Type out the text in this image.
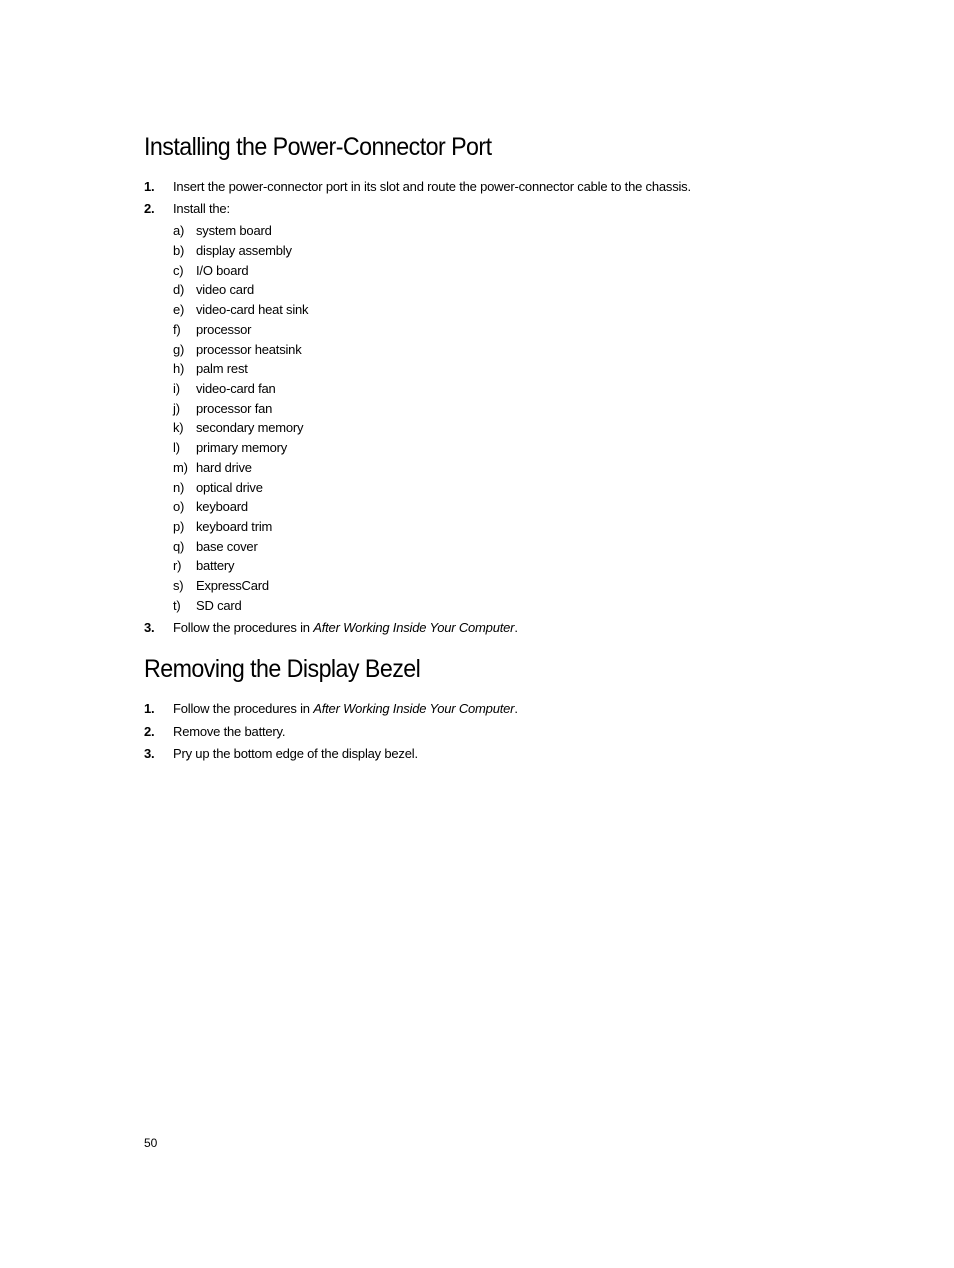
Installing the Power-Connector Port
1.	Insert the power-connector port in its slot and route the power-connector cable to the chassis.
2.	Install the:
a) system board
b) display assembly
c) I/O board
d) video card
e) video-card heat sink
f)	processor
g) processor heatsink
h) palm rest
i)	video-card fan
j)	processor fan
k) secondary memory
l)	primary memory
m) hard drive
n) optical drive
o) keyboard
p) keyboard trim
q) base cover
r)	battery
s) ExpressCard
t)	SD card
3.	Follow the procedures in After Working Inside Your Computer.
Removing the Display Bezel
1.	Follow the procedures in After Working Inside Your Computer.
2.	Remove the battery.
3.	Pry up the bottom edge of the display bezel.
50
